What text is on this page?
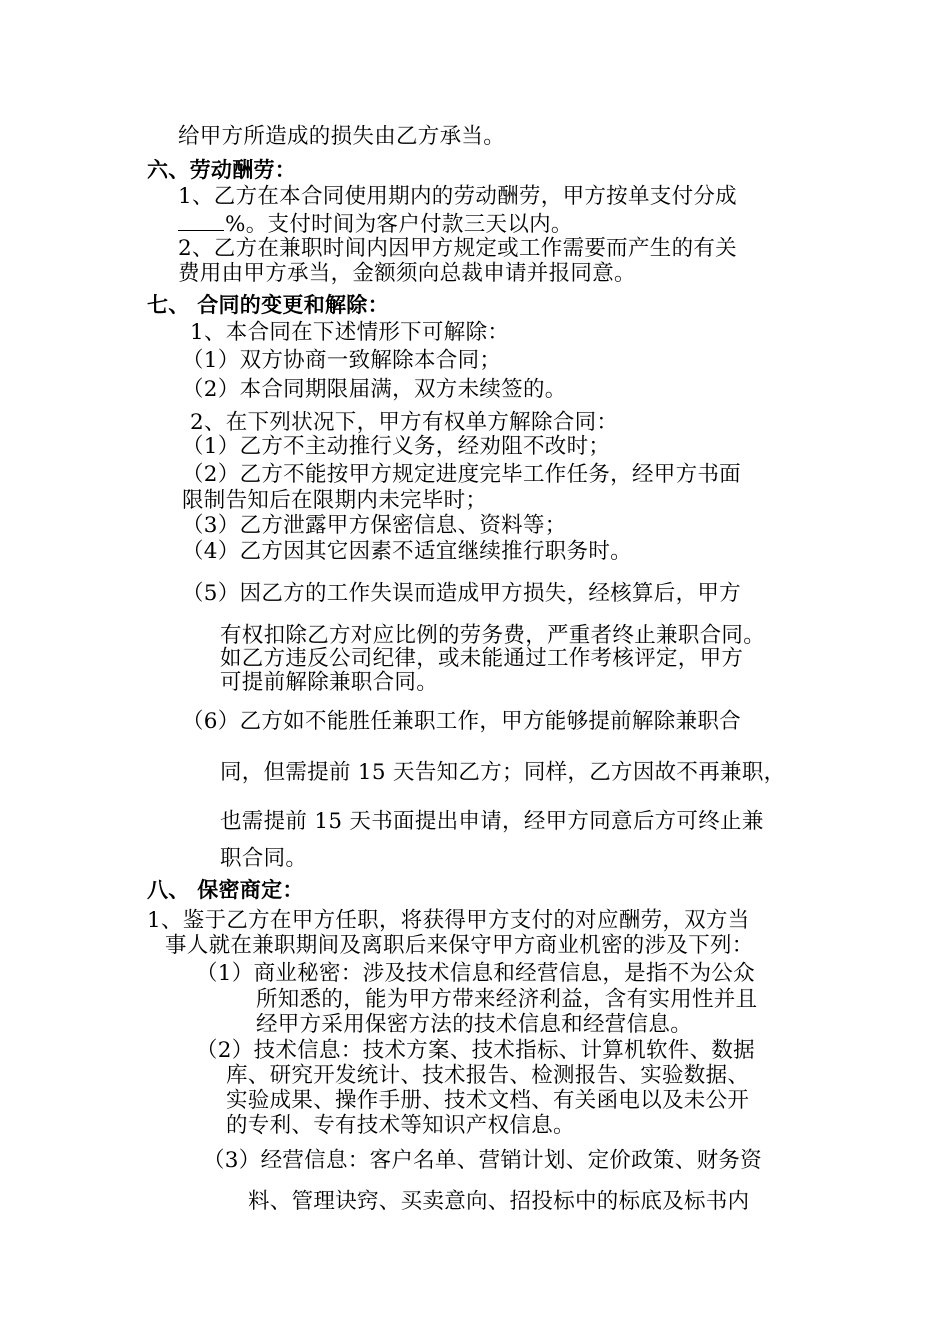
给甲方所造成的损失由乙方承当。
六、劳动酬劳：
1、乙方在本合同使用期内的劳动酬劳，甲方按单支付分成
%。支付时间为客户付款三天以内。
2、乙方在兼职时间内因甲方规定或工作需要而产生的有关
费用由甲方承当，金额须向总裁申请并报同意。
七、 合同的变更和解除：
1、本合同在下述情形下可解除：
（1）双方协商一致解除本合同；
（2）本合同期限届满，双方未续签的。
2、在下列状况下，甲方有权单方解除合同：
（1）乙方不主动推行义务，经劝阻不改时；
（2）乙方不能按甲方规定进度完毕工作任务，经甲方书面
限制告知后在限期内未完毕时；
（3）乙方泄露甲方保密信息、资料等；
（4）乙方因其它因素不适宜继续推行职务时。
（5）因乙方的工作失误而造成甲方损失，经核算后，甲方
有权扣除乙方对应比例的劳务费，严重者终止兼职合同。
如乙方违反公司纪律，或未能通过工作考核评定，甲方
可提前解除兼职合同。
（6）乙方如不能胜任兼职工作，甲方能够提前解除兼职合
同，但需提前 15 天告知乙方；同样，乙方因故不再兼职，
也需提前 15 天书面提出申请，经甲方同意后方可终止兼
职合同。
八、 保密商定：
1、鉴于乙方在甲方任职，将获得甲方支付的对应酬劳，双方当
事人就在兼职期间及离职后来保守甲方商业机密的涉及下列：
（1）商业秘密：涉及技术信息和经营信息，是指不为公众
所知悉的，能为甲方带来经济利益，含有实用性并且
经甲方采用保密方法的技术信息和经营信息。
（2）技术信息：技术方案、技术指标、计算机软件、数据
库、研究开发统计、技术报告、检测报告、实验数据、
实验成果、操作手册、技术文档、有关函电以及未公开
的专利、专有技术等知识产权信息。
（3）经营信息：客户名单、营销计划、定价政策、财务资
料、管理诀窍、买卖意向、招投标中的标底及标书内
